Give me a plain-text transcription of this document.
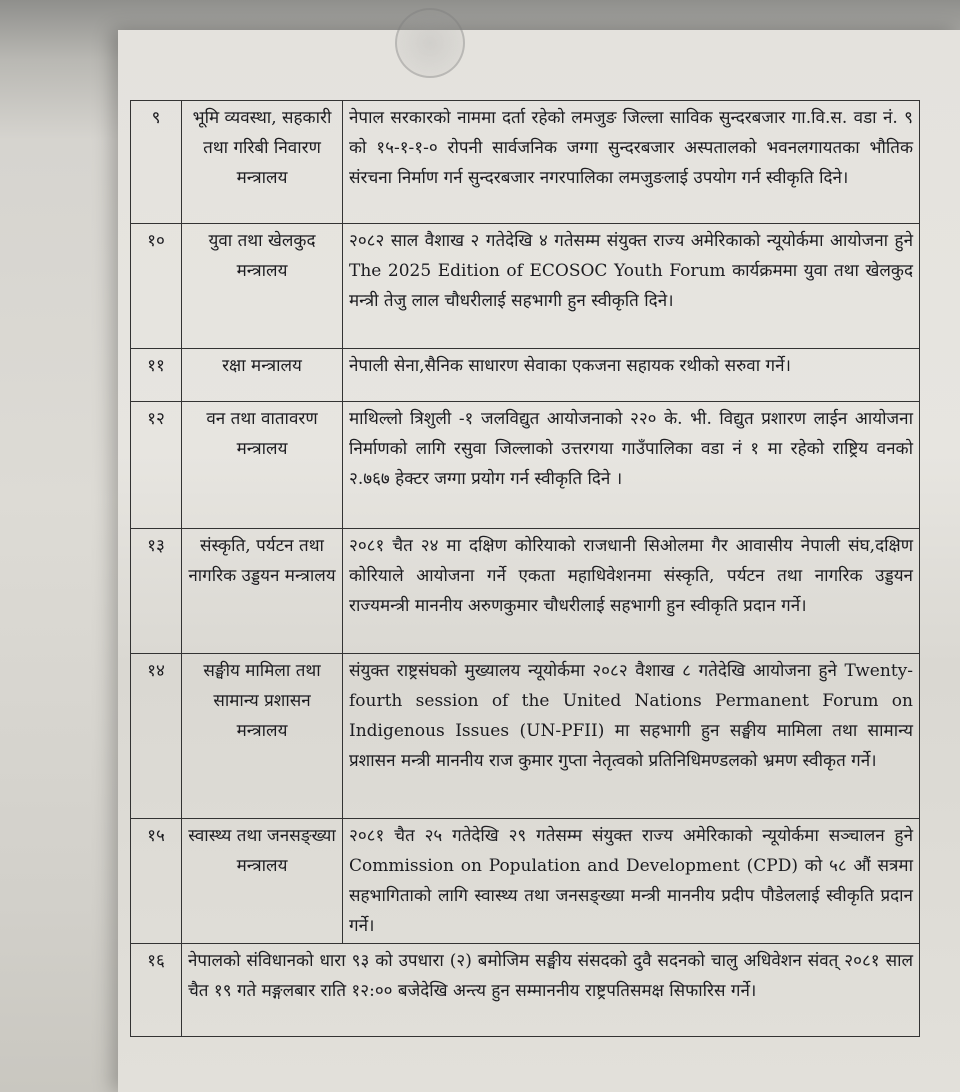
९	भूमि व्यवस्था, सहकारी तथा गरिबी निवारण मन्त्रालय	नेपाल सरकारको नाममा दर्ता रहेको लमजुङ जिल्ला साविक सुन्दरबजार गा.वि.स. वडा नं. ९ को १५-१-१-० रोपनी सार्वजनिक जग्गा सुन्दरबजार अस्पतालको भवनलगायतका भौतिक संरचना निर्माण गर्न सुन्दरबजार नगरपालिका लमजुङलाई उपयोग गर्न स्वीकृति दिने।
१०	युवा तथा खेलकुद मन्त्रालय	२०८२ साल वैशाख २ गतेदेखि ४ गतेसम्म संयुक्त राज्य अमेरिकाको न्यूयोर्कमा आयोजना हुने The 2025 Edition of ECOSOC Youth Forum कार्यक्रममा युवा तथा खेलकुद मन्त्री तेजु लाल चौधरीलाई सहभागी हुन स्वीकृति दिने।
११	रक्षा मन्त्रालय	नेपाली सेना,सैनिक साधारण सेवाका एकजना सहायक रथीको सरुवा गर्ने।
१२	वन तथा वातावरण मन्त्रालय	माथिल्लो त्रिशुली -१ जलविद्युत आयोजनाको २२० के. भी. विद्युत प्रशारण लाईन आयोजना निर्माणको लागि रसुवा जिल्लाको उत्तरगया गाउँपालिका वडा नं १ मा रहेको राष्ट्रिय वनको २.७६७ हेक्टर जग्गा प्रयोग गर्न स्वीकृति दिने ।
१३	संस्कृति, पर्यटन तथा नागरिक उड्डयन मन्त्रालय	२०८१ चैत २४ मा दक्षिण कोरियाको राजधानी सिओलमा गैर आवासीय नेपाली संघ,दक्षिण कोरियाले आयोजना गर्ने एकता महाधिवेशनमा संस्कृति, पर्यटन तथा नागरिक उड्डयन राज्यमन्त्री माननीय अरुणकुमार चौधरीलाई सहभागी हुन स्वीकृति प्रदान गर्ने।
१४	सङ्घीय मामिला तथा सामान्य प्रशासन मन्त्रालय	संयुक्त राष्ट्रसंघको मुख्यालय न्यूयोर्कमा २०८२ वैशाख ८ गतेदेखि आयोजना हुने Twenty-fourth session of the United Nations Permanent Forum on Indigenous Issues (UN-PFII) मा सहभागी हुन सङ्घीय मामिला तथा सामान्य प्रशासन मन्त्री माननीय राज कुमार गुप्ता नेतृत्वको प्रतिनिधिमण्डलको भ्रमण स्वीकृत गर्ने।
१५	स्वास्थ्य तथा जनसङ्ख्या मन्त्रालय	२०८१ चैत २५ गतेदेखि २९ गतेसम्म संयुक्त राज्य अमेरिकाको न्यूयोर्कमा सञ्चालन हुने Commission on Population and Development (CPD) को ५८ औं सत्रमा सहभागिताको लागि स्वास्थ्य तथा जनसङ्ख्या मन्त्री माननीय प्रदीप पौडेललाई स्वीकृति प्रदान गर्ने।
१६	नेपालको संविधानको धारा ९३ को उपधारा (२) बमोजिम सङ्घीय संसदको दुवै सदनको चालु अधिवेशन संवत् २०८१ साल चैत १९ गते मङ्गलबार राति १२:०० बजेदेखि अन्त्य हुन सम्माननीय राष्ट्रपतिसमक्ष सिफारिस गर्ने।	
